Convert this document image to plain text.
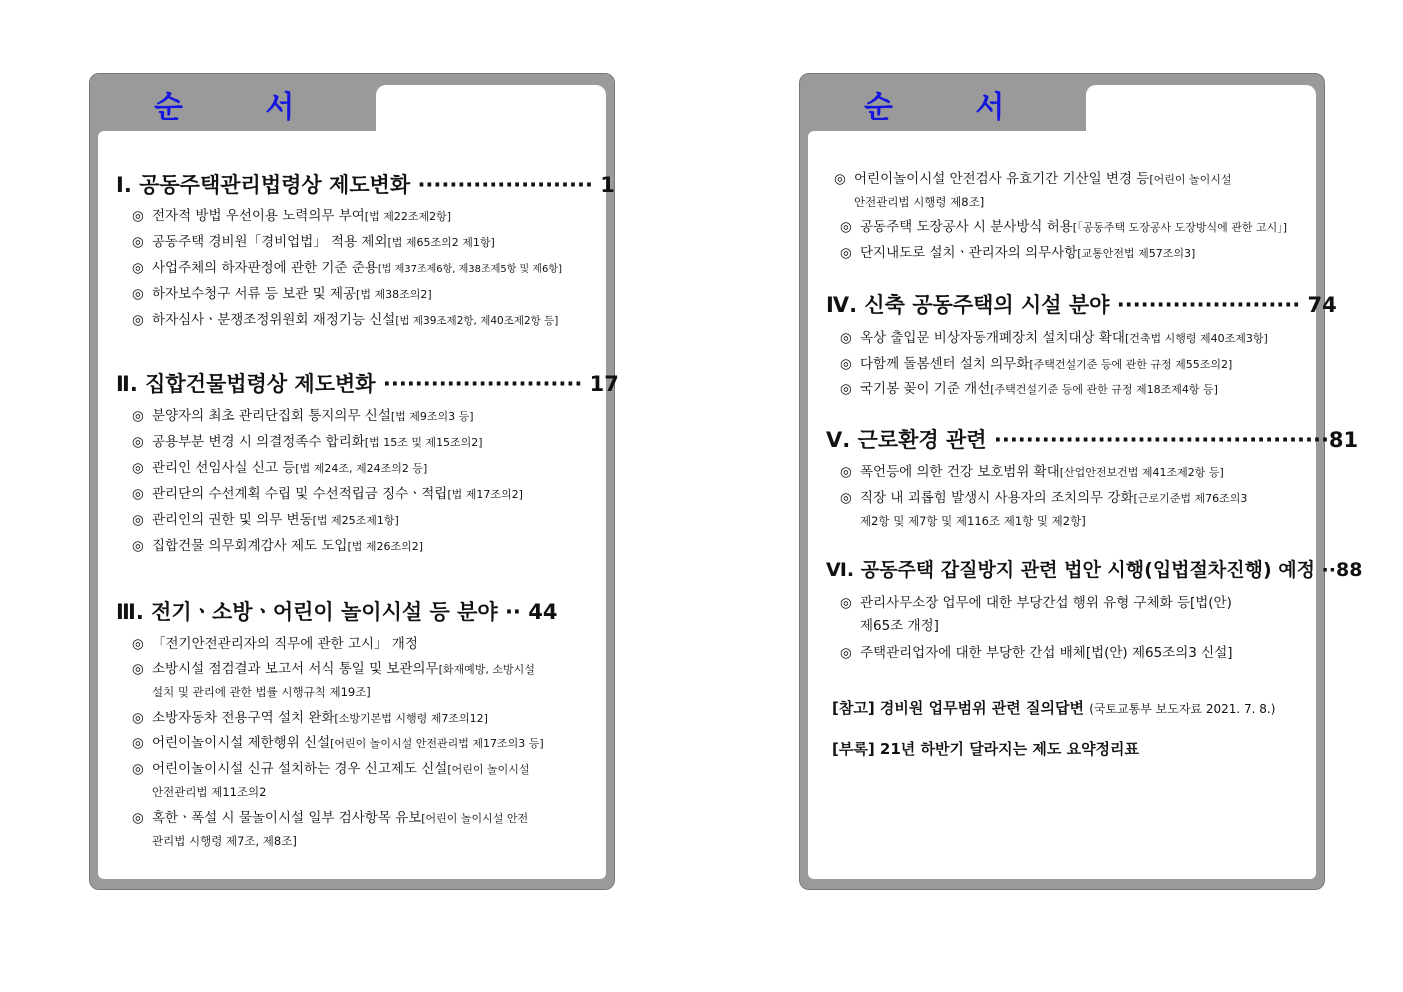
순 서
Ⅰ. 공동주택관리법령상 제도변화 ······················ 1
◎ 전자적 방법 우선이용 노력의무 부여[법 제22조제2항]
◎ 공동주택 경비원「경비업법」 적용 제외[법 제65조의2 제1항]
◎ 사업주체의 하자판정에 관한 기준 준용[법 제37조제6항, 제38조제5항 및 제6항]
◎ 하자보수청구 서류 등 보관 및 제공[법 제38조의2]
◎ 하자심사ㆍ분쟁조정위원회 재정기능 신설[법 제39조제2항, 제40조제2항 등]
Ⅱ. 집합건물법령상 제도변화 ························· 17
◎ 분양자의 최초 관리단집회 통지의무 신설[법 제9조의3 등]
◎ 공용부분 변경 시 의결정족수 합리화[법 15조 및 제15조의2]
◎ 관리인 선임사실 신고 등[법 제24조, 제24조의2 등]
◎ 관리단의 수선계획 수립 및 수선적립금 징수ㆍ적립[법 제17조의2]
◎ 관리인의 권한 및 의무 변동[법 제25조제1항]
◎ 집합건물 의무회계감사 제도 도입[법 제26조의2]
Ⅲ. 전기ㆍ소방ㆍ어린이 놀이시설 등 분야 ·· 44
◎ 「전기안전관리자의 직무에 관한 고시」 개정
◎ 소방시설 점검결과 보고서 서식 통일 및 보관의무[화재예방, 소방시설
설치 및 관리에 관한 법률 시행규칙 제19조]
◎ 소방자동차 전용구역 설치 완화[소방기본법 시행령 제7조의12]
◎ 어린이놀이시설 제한행위 신설[어린이 놀이시설 안전관리법 제17조의3 등]
◎ 어린이놀이시설 신규 설치하는 경우 신고제도 신설[어린이 놀이시설
안전관리법 제11조의2
◎ 혹한ㆍ폭설 시 물놀이시설 일부 검사항목 유보[어린이 놀이시설 안전
관리법 시행령 제7조, 제8조]
순 서
◎ 어린이놀이시설 안전검사 유효기간 기산일 변경 등[어린이 놀이시설
안전관리법 시행령 제8조]
◎ 공동주택 도장공사 시 분사방식 허용[「공동주택 도장공사 도장방식에 관한 고시」]
◎ 단지내도로 설치ㆍ관리자의 의무사항[교통안전법 제57조의3]
Ⅳ. 신축 공동주택의 시설 분야 ······················· 74
◎ 옥상 출입문 비상자동개폐장치 설치대상 확대[건축법 시행령 제40조제3항]
◎ 다함께 돌봄센터 설치 의무화[주택건설기준 등에 관한 규정 제55조의2]
◎ 국기봉 꽂이 기준 개선[주택건설기준 등에 관한 규정 제18조제4항 등]
Ⅴ. 근로환경 관련 ··········································81
◎ 폭언등에 의한 건강 보호범위 확대[산업안전보건법 제41조제2항 등]
◎ 직장 내 괴롭힘 발생시 사용자의 조치의무 강화[근로기준법 제76조의3
제2항 및 제7항 및 제116조 제1항 및 제2항]
Ⅵ. 공동주택 갑질방지 관련 법안 시행(입법절차진행) 예정 ··88
◎ 관리사무소장 업무에 대한 부당간섭 행위 유형 구체화 등[법(안)
제65조 개정]
◎ 주택관리업자에 대한 부당한 간섭 배체[법(안) 제65조의3 신설]
[참고] 경비원 업무범위 관련 질의답변 (국토교통부 보도자료 2021. 7. 8.)
[부록] 21년 하반기 달라지는 제도 요약정리표
